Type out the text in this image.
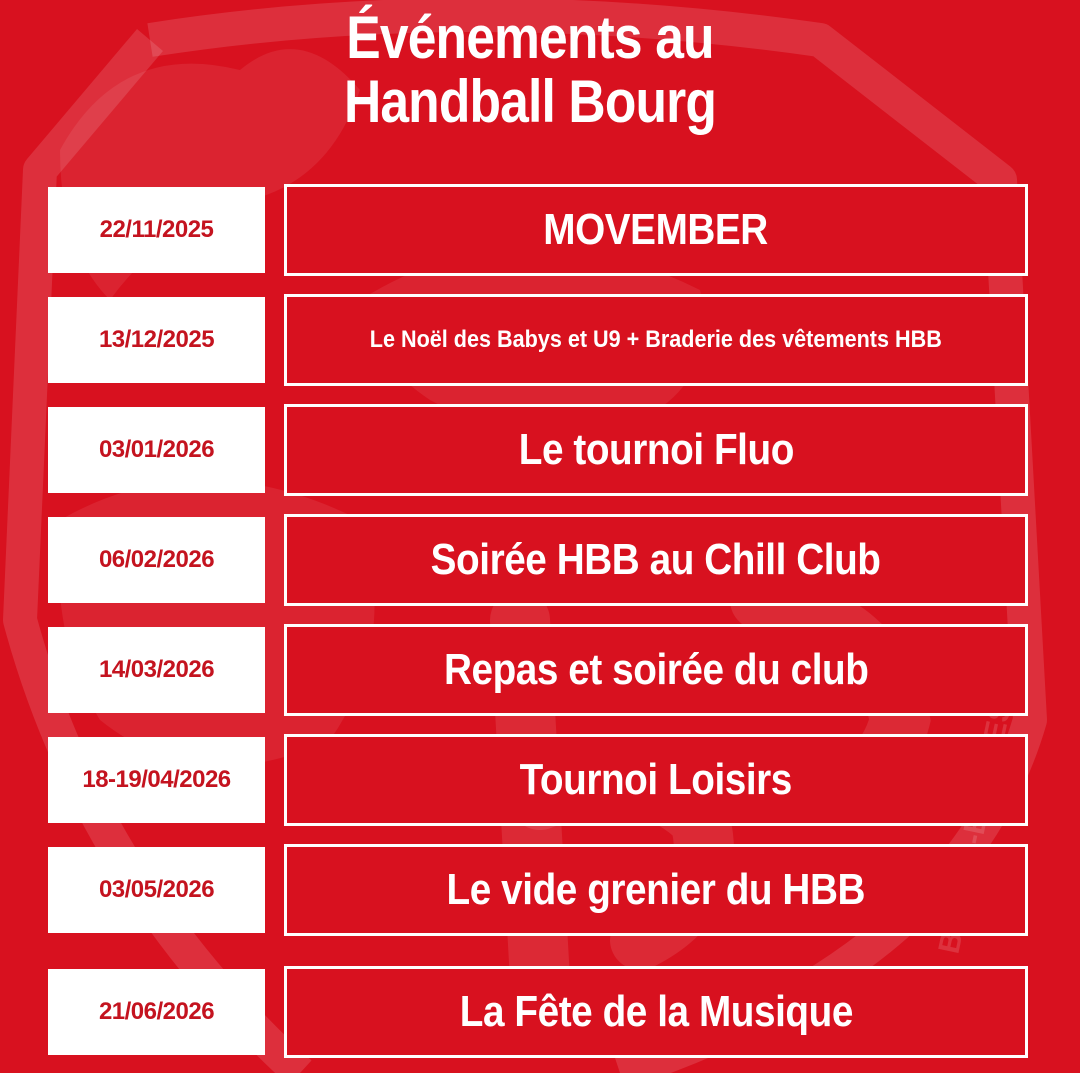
Événements au
Handball Bourg
22/11/2025	MOVEMBER
13/12/2025	Le Noël des Babys et U9 + Braderie des vêtements HBB
03/01/2026	Le tournoi Fluo
06/02/2026	Soirée HBB au Chill Club
14/03/2026	Repas et soirée du club
18-19/04/2026	Tournoi Loisirs
03/05/2026	Le vide grenier du HBB
21/06/2026	La Fête de la Musique
